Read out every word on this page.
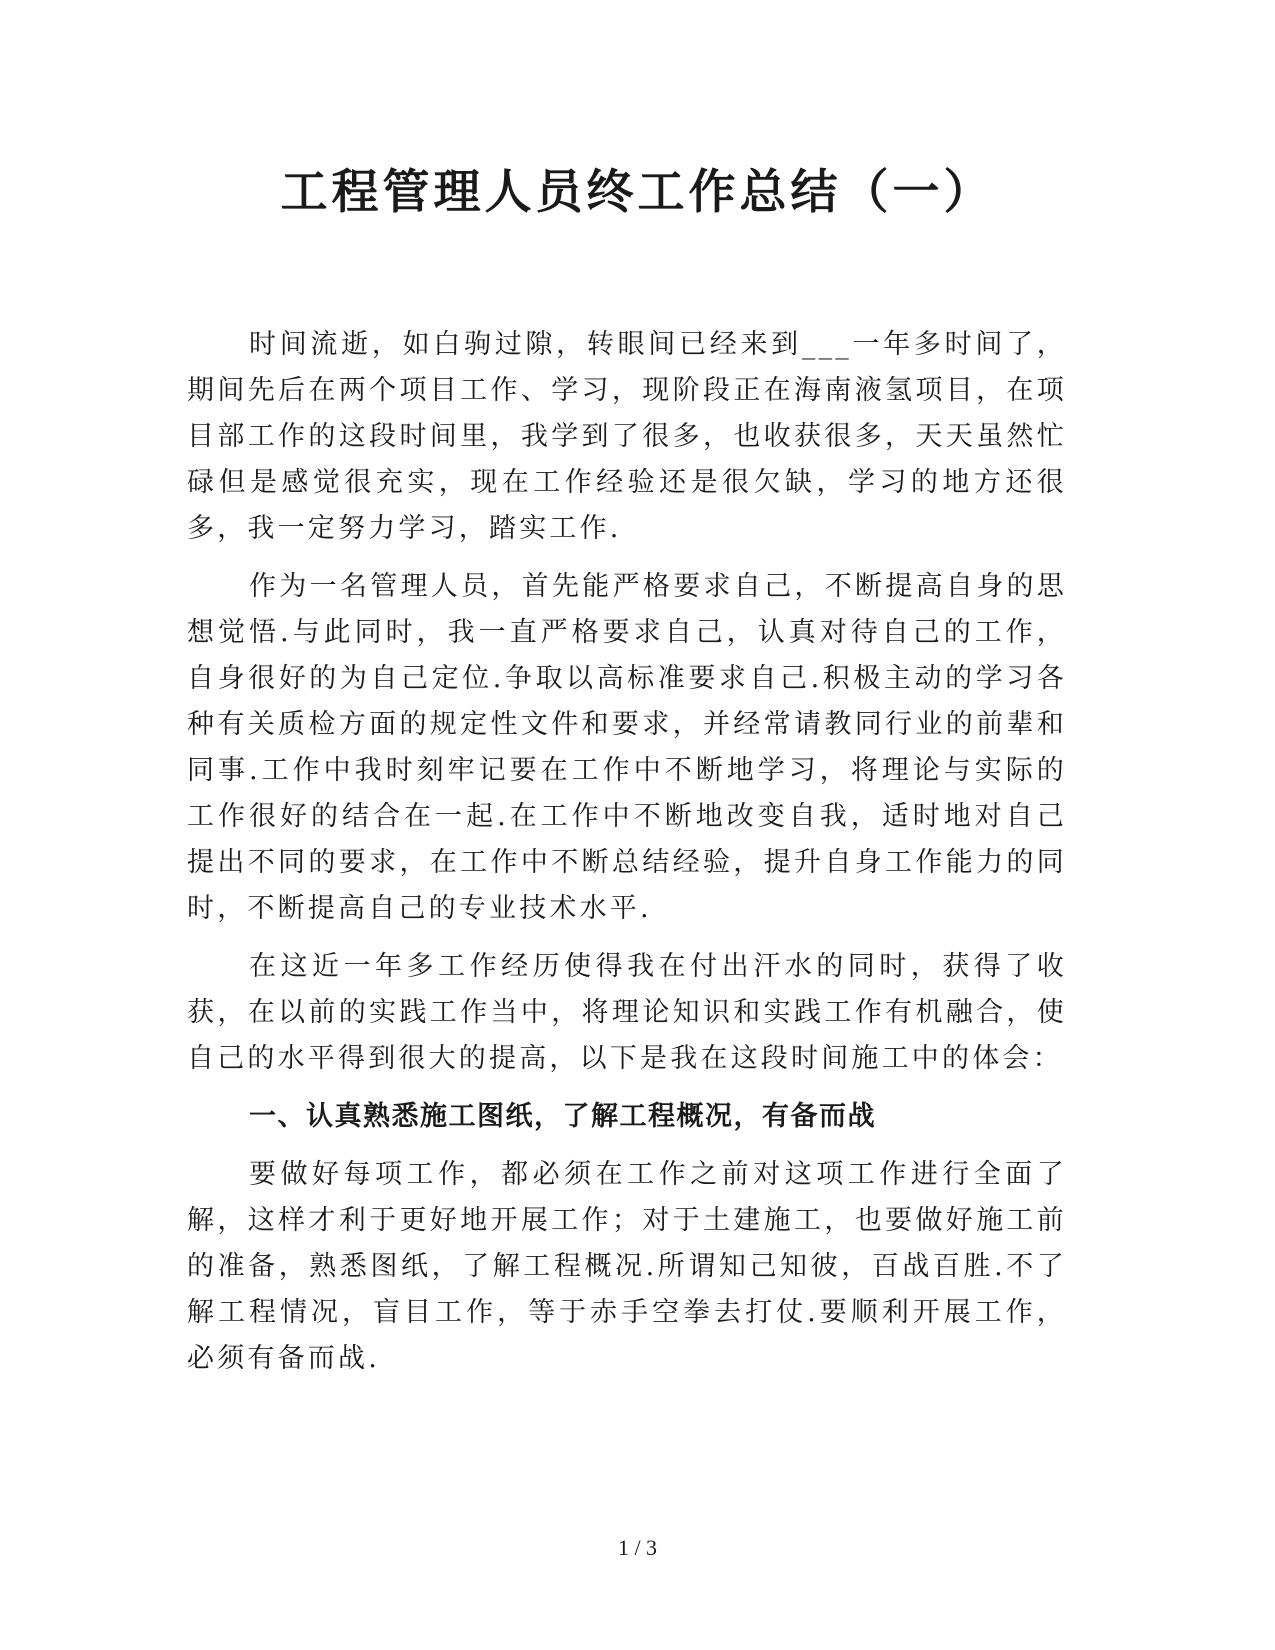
工程管理人员终工作总结（一）

时间流逝，如白驹过隙，转眼间已经来到___一年多时间了，期间先后在两个项目工作、学习，现阶段正在海南液氢项目，在项目部工作的这段时间里，我学到了很多，也收获很多，天天虽然忙碌但是感觉很充实，现在工作经验还是很欠缺，学习的地方还很多，我一定努力学习，踏实工作.

作为一名管理人员，首先能严格要求自己，不断提高自身的思想觉悟.与此同时，我一直严格要求自己，认真对待自己的工作，自身很好的为自己定位.争取以高标准要求自己.积极主动的学习各种有关质检方面的规定性文件和要求，并经常请教同行业的前辈和同事.工作中我时刻牢记要在工作中不断地学习，将理论与实际的工作很好的结合在一起.在工作中不断地改变自我，适时地对自己提出不同的要求，在工作中不断总结经验，提升自身工作能力的同时，不断提高自己的专业技术水平.

在这近一年多工作经历使得我在付出汗水的同时，获得了收获，在以前的实践工作当中，将理论知识和实践工作有机融合，使自己的水平得到很大的提高，以下是我在这段时间施工中的体会：

一、认真熟悉施工图纸，了解工程概况，有备而战

要做好每项工作，都必须在工作之前对这项工作进行全面了解，这样才利于更好地开展工作；对于土建施工，也要做好施工前的准备，熟悉图纸，了解工程概况.所谓知己知彼，百战百胜.不了解工程情况，盲目工作，等于赤手空拳去打仗.要顺利开展工作，必须有备而战.

1 / 3
